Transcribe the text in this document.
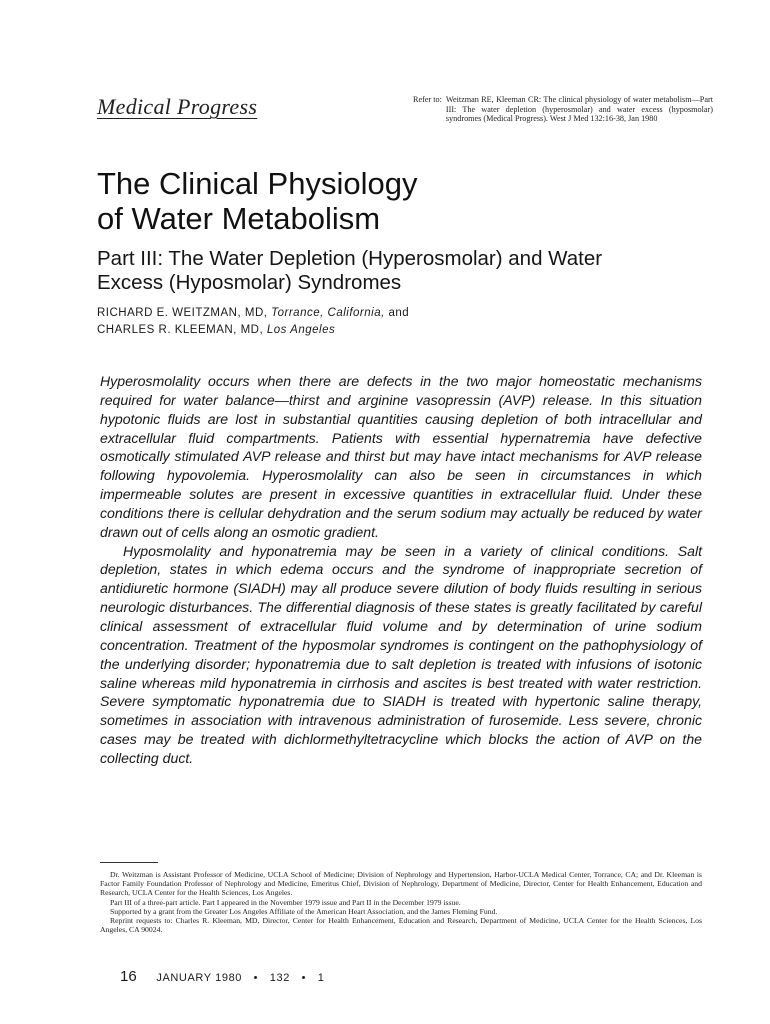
Medical Progress	Refer to: Weitzman RE, Kleeman CR: The clinical physiology of water metabolism—Part III: The water depletion (hyperosmolar) and water excess (hyposmolar) syndromes (Medical Progress). West J Med 132:16-38, Jan 1980
The Clinical Physiology
of Water Metabolism
Part III: The Water Depletion (Hyperosmolar) and Water
Excess (Hyposmolar) Syndromes
RICHARD E. WEITZMAN, MD, Torrance, California, and
CHARLES R. KLEEMAN, MD, Los Angeles

Hyperosmolality occurs when there are defects in the two major homeostatic mechanisms required for water balance—thirst and arginine vasopressin (AVP) release. In this situation hypotonic fluids are lost in substantial quantities causing depletion of both intracellular and extracellular fluid compartments. Patients with essential hypernatremia have defective osmotically stimulated AVP release and thirst but may have intact mechanisms for AVP release following hypovolemia. Hyperosmolality can also be seen in circumstances in which impermeable solutes are present in excessive quantities in extracellular fluid. Under these conditions there is cellular dehydration and the serum sodium may actually be reduced by water drawn out of cells along an osmotic gradient.

Hyposmolality and hyponatremia may be seen in a variety of clinical conditions. Salt depletion, states in which edema occurs and the syndrome of inappropriate secretion of antidiuretic hormone (SIADH) may all produce severe dilution of body fluids resulting in serious neurologic disturbances. The differential diagnosis of these states is greatly facilitated by careful clinical assessment of extracellular fluid volume and by determination of urine sodium concentration. Treatment of the hyposmolar syndromes is contingent on the pathophysiology of the underlying disorder; hyponatremia due to salt depletion is treated with infusions of isotonic saline whereas mild hyponatremia in cirrhosis and ascites is best treated with water restriction. Severe symptomatic hyponatremia due to SIADH is treated with hypertonic saline therapy, sometimes in association with intravenous administration of furosemide. Less severe, chronic cases may be treated with dichlormethyltetracycline which blocks the action of AVP on the collecting duct.

Dr. Weitzman is Assistant Professor of Medicine, UCLA School of Medicine; Division of Nephrology and Hypertension, Harbor-UCLA Medical Center, Torrance, CA; and Dr. Kleeman is Factor Family Foundation Professor of Nephrology and Medicine, Emeritus Chief, Division of Nephrology, Department of Medicine, Director, Center for Health Enhancement, Education and Research, UCLA Center for the Health Sciences, Los Angeles.

Part III of a three-part article. Part I appeared in the November 1979 issue and Part II in the December 1979 issue.

Supported by a grant from the Greater Los Angeles Affiliate of the American Heart Association, and the James Fleming Fund.

Reprint requests to: Charles R. Kleeman, MD, Director, Center for Health Enhancement, Education and Research, Department of Medicine, UCLA Center for the Health Sciences, Los Angeles, CA 90024.

16 JANUARY 1980 • 132 • 1
